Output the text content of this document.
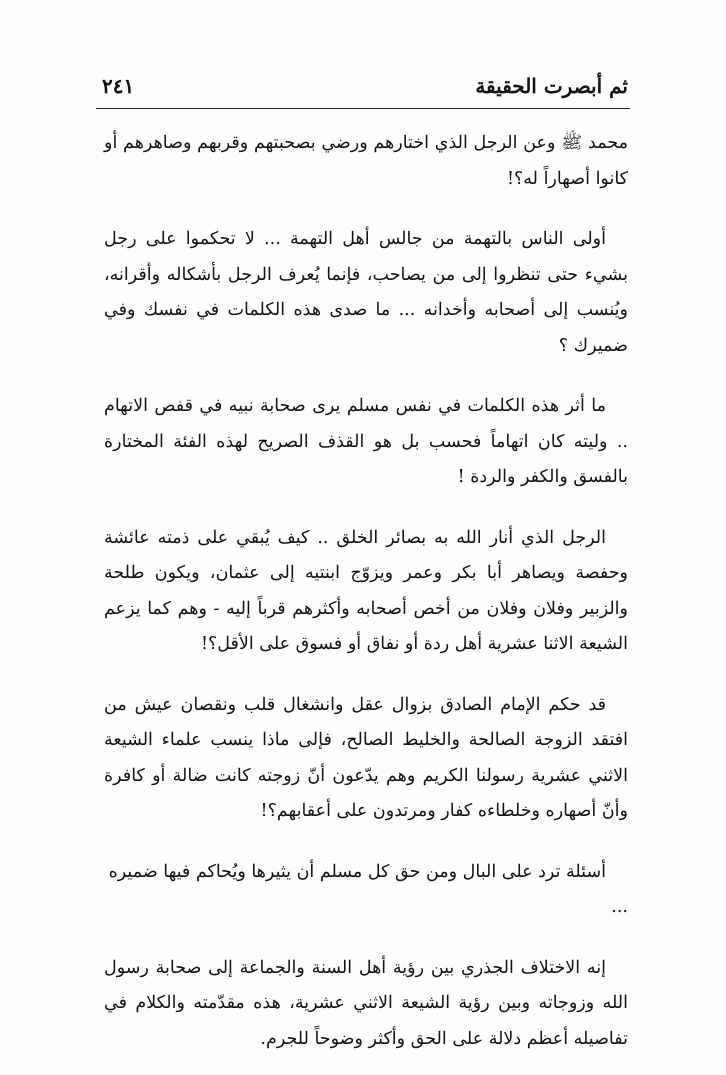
ثم أبصرت الحقيقة
٢٤١

محمد ﷺ وعن الرجل الذي اختارهم ورضي بصحبتهم وقربهم وصاهرهم أو كانوا أصهاراً له؟!

أولى الناس بالتهمة من جالس أهل التهمة ... لا تحكموا على رجل بشيء حتى تنظروا إلى من يصاحب، فإنما يُعرف الرجل بأشكاله وأقرانه، ويُنسب إلى أصحابه وأخدانه ... ما صدى هذه الكلمات في نفسك وفي ضميرك ؟

ما أثر هذه الكلمات في نفس مسلم يرى صحابة نبيه في قفص الاتهام .. وليته كان اتهاماً فحسب بل هو القذف الصريح لهذه الفئة المختارة بالفسق والكفر والردة !

الرجل الذي أنار الله به بصائر الخلق .. كيف يُبقي على ذمته عائشة وحفصة ويصاهر أبا بكر وعمر ويزوّج ابنتيه إلى عثمان، ويكون طلحة والزبير وفلان وفلان من أخص أصحابه وأكثرهم قرباً إليه - وهم كما يزعم الشيعة الاثنا عشرية أهل ردة أو نفاق أو فسوق على الأقل؟!

قد حكم الإمام الصادق بزوال عقل وانشغال قلب ونقصان عيش من افتقد الزوجة الصالحة والخليط الصالح، فإلى ماذا ينسب علماء الشيعة الاثني عشرية رسولنا الكريم وهم يدّعون أنّ زوجته كانت ضالة أو كافرة وأنّ أصهاره وخلطاءه كفار ومرتدون على أعقابهم؟!

أسئلة ترد على البال ومن حق كل مسلم أن يثيرها ويُحاكم فيها ضميره

...

إنه الاختلاف الجذري بين رؤية أهل السنة والجماعة إلى صحابة رسول الله وزوجاته وبين رؤية الشيعة الاثني عشرية، هذه مقدّمته والكلام في تفاصيله أعظم دلالة على الحق وأكثر وضوحاً للجرم.
